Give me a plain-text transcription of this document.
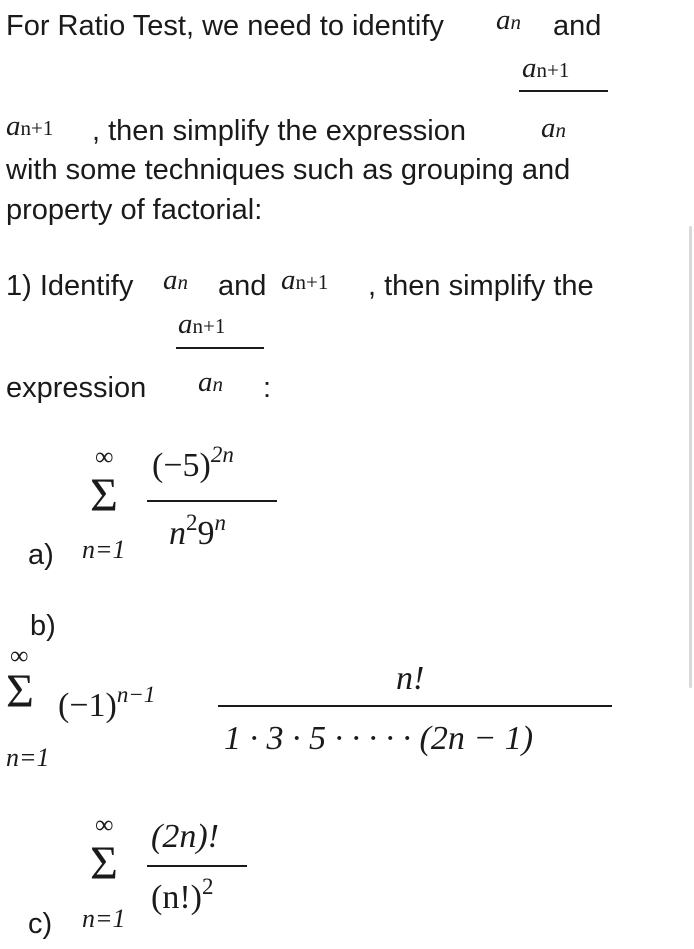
For Ratio Test, we need to identify an and
an+1
an
an+1 , then simplify the expression
with some techniques such as grouping and
property of factorial:
1) Identify an and an+1 , then simplify the
an+1
expression an :
∞
Σ
a) n=1
$(-5)^{2n}$
$n^29^n$
b)
∞
Σ
n=1
$(-1)^{n-1}$	n!
1 · 3 · 5 · · · · · (2n − 1)
∞
Σ
c) n=1
(2n)!
$(n!)^2$
